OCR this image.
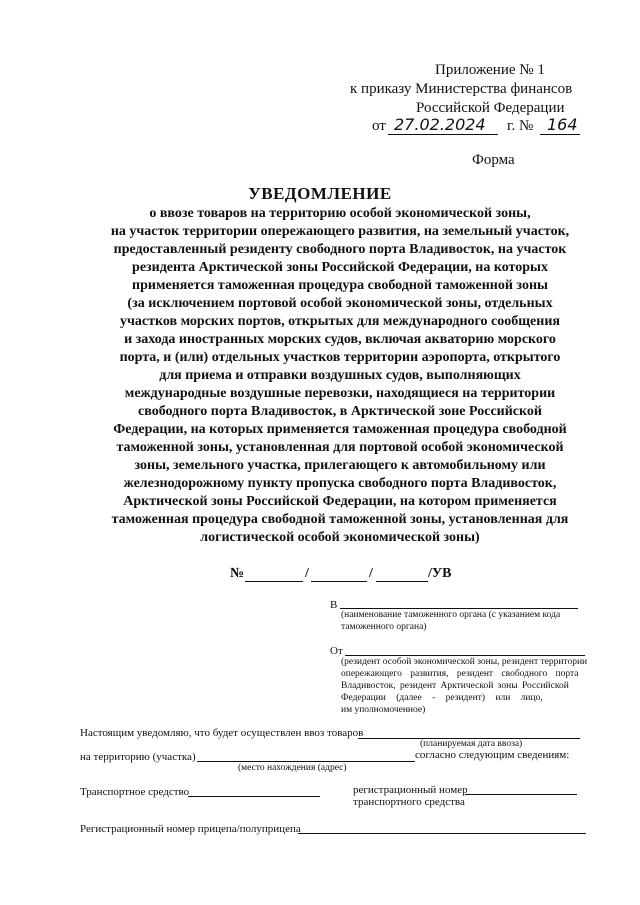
Приложение № 1
к приказу Министерства финансов
Российской Федерации
от 27.02.2024 г. № 164
Форма
УВЕДОМЛЕНИЕ
о ввозе товаров на территорию особой экономической зоны,
на участок территории опережающего развития, на земельный участок,
предоставленный резиденту свободного порта Владивосток, на участок
резидента Арктической зоны Российской Федерации, на которых
применяется таможенная процедура свободной таможенной зоны
(за исключением портовой особой экономической зоны, отдельных
участков морских портов, открытых для международного сообщения
и захода иностранных морских судов, включая акваторию морского
порта, и (или) отдельных участков территории аэропорта, открытого
для приема и отправки воздушных судов, выполняющих
международные воздушные перевозки, находящиеся на территории
свободного порта Владивосток, в Арктической зоне Российской
Федерации, на которых применяется таможенная процедура свободной
таможенной зоны, установленная для портовой особой экономической
зоны, земельного участка, прилегающего к автомобильному или
железнодорожному пункту пропуска свободного порта Владивосток,
Арктической зоны Российской Федерации, на котором применяется
таможенная процедура свободной таможенной зоны, установленная для
логистической особой экономической зоны)
№	/	/	/УВ
В
(наименование таможенного органа (с указанием кода
таможенного органа)
От
(резидент особой экономической зоны, резидент территории
опережающего развития, резидент свободного порта
Владивосток, резидент Арктической зоны Российской
Федерации (далее - резидент) или лицо,
им уполномоченное)
Настоящим уведомляю, что будет осуществлен ввоз товаров
(планируемая дата ввоза)
на территорию (участка)	согласно следующим сведениям:
(место нахождения (адрес)
Транспортное средство	регистрационный номер
транспортного средства
Регистрационный номер прицепа/полуприцепа
